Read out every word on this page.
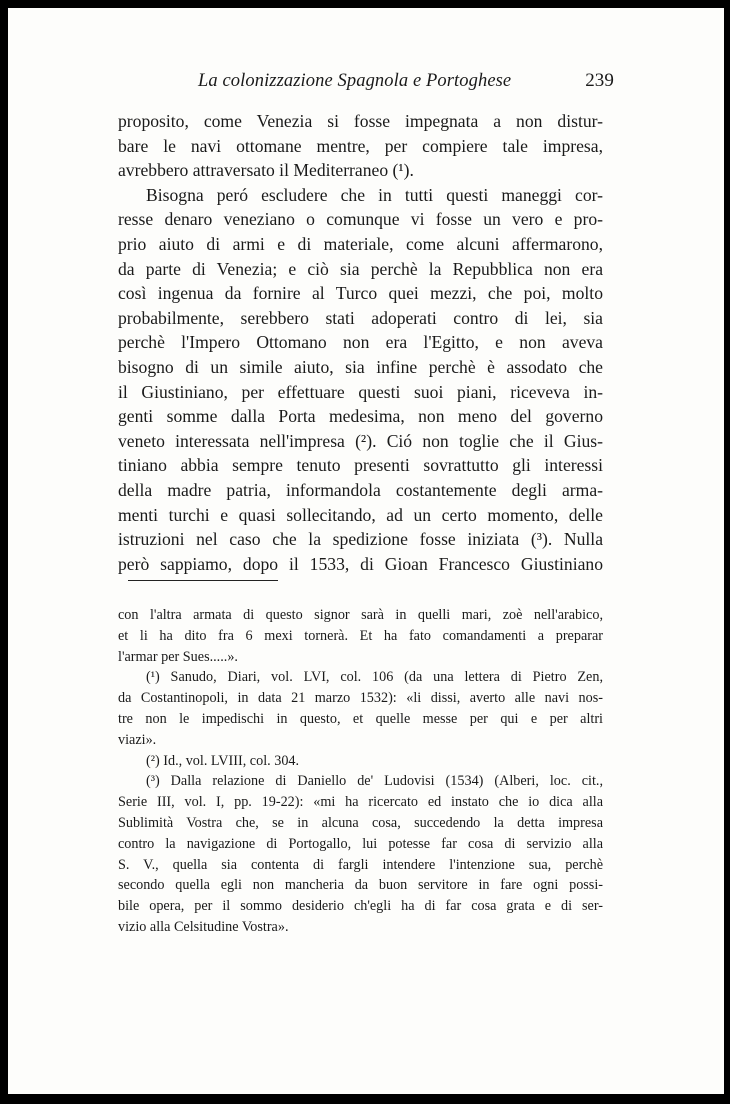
La colonizzazione Spagnola e Portoghese	239
proposito, come Venezia si fosse impegnata a non distur-
bare le navi ottomane mentre, per compiere tale impresa,
avrebbero attraversato il Mediterraneo (¹).
Bisogna peró escludere che in tutti questi maneggi cor-
resse denaro veneziano o comunque vi fosse un vero e pro-
prio aiuto di armi e di materiale, come alcuni affermarono,
da parte di Venezia; e ciò sia perchè la Repubblica non era
così ingenua da fornire al Turco quei mezzi, che poi, molto
probabilmente, serebbero stati adoperati contro di lei, sia
perchè l'Impero Ottomano non era l'Egitto, e non aveva
bisogno di un simile aiuto, sia infine perchè è assodato che
il Giustiniano, per effettuare questi suoi piani, riceveva in-
genti somme dalla Porta medesima, non meno del governo
veneto interessata nell'impresa (²). Ció non toglie che il Gius-
tiniano abbia sempre tenuto presenti sovrattutto gli interessi
della madre patria, informandola costantemente degli arma-
menti turchi e quasi sollecitando, ad un certo momento, delle
istruzioni nel caso che la spedizione fosse iniziata (³). Nulla
però sappiamo, dopo il 1533, di Gioan Francesco Giustiniano
con l'altra armata di questo signor sarà in quelli mari, zoè nell'arabico,
et li ha dito fra 6 mexi tornerà. Et ha fato comandamenti a preparar
l'armar per Sues.....».
(¹) Sanudo, Diari, vol. LVI, col. 106 (da una lettera di Pietro Zen,
da Costantinopoli, in data 21 marzo 1532): «li dissi, averto alle navi nos-
tre non le impedischi in questo, et quelle messe per qui e per altri
viazi».
(²) Id., vol. LVIII, col. 304.
(³) Dalla relazione di Daniello de' Ludovisi (1534) (Alberi, loc. cit.,
Serie III, vol. I, pp. 19-22): «mi ha ricercato ed instato che io dica alla
Sublimità Vostra che, se in alcuna cosa, succedendo la detta impresa
contro la navigazione di Portogallo, lui potesse far cosa di servizio alla
S. V., quella sia contenta di fargli intendere l'intenzione sua, perchè
secondo quella egli non mancheria da buon servitore in fare ogni possi-
bile opera, per il sommo desiderio ch'egli ha di far cosa grata e di ser-
vizio alla Celsitudine Vostra».
